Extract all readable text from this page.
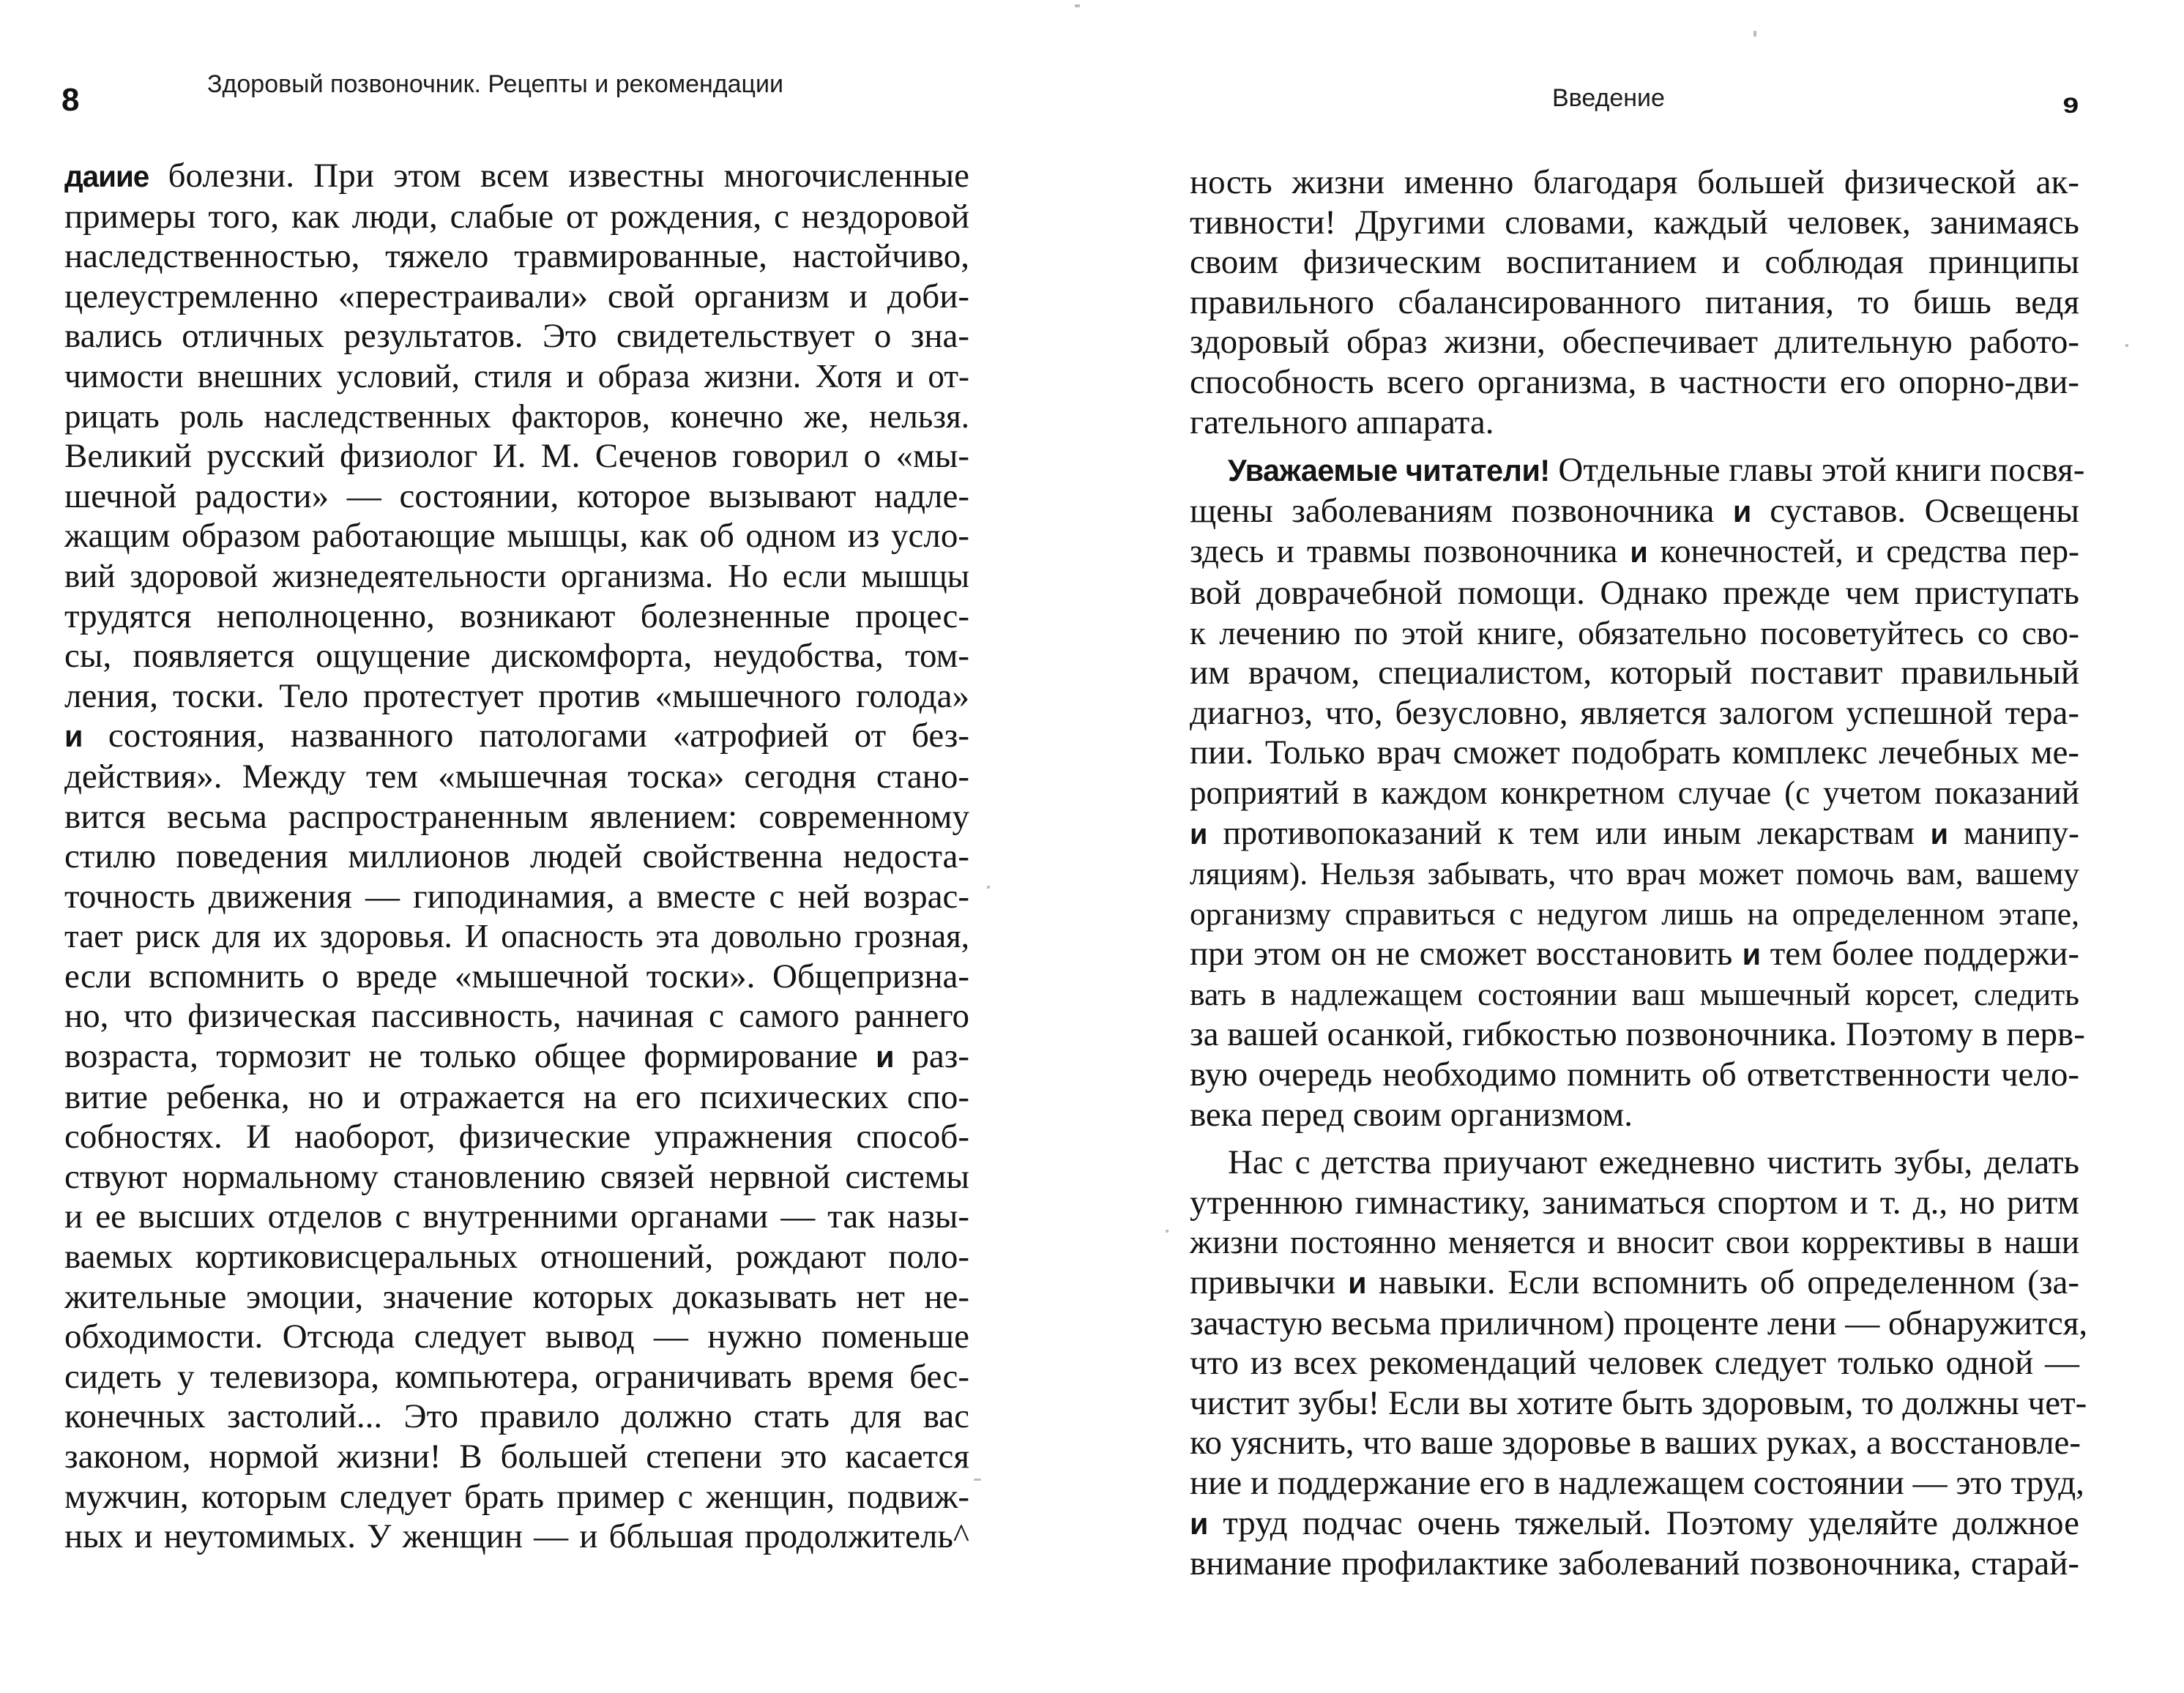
8	Здоровый позвоночник. Рецепты и рекомендации
даиие болезни. При этом всем известны многочисленные
примеры того, как люди, слабые от рождения, с нездоровой
наследственностью, тяжело травмированные, настойчиво,
целеустремленно «перестраивали» свой организм и доби-
вались отличных результатов. Это свидетельствует о зна-
чимости внешних условий, стиля и образа жизни. Хотя и от-
рицать роль наследственных факторов, конечно же, нельзя.
Великий русский физиолог И. М. Сеченов говорил о «мы-
шечной радости» — состоянии, которое вызывают надле-
жащим образом работающие мышцы, как об одном из усло-
вий здоровой жизнедеятельности организма. Но если мышцы
трудятся неполноценно, возникают болезненные процес-
сы, появляется ощущение дискомфорта, неудобства, том-
ления, тоски. Тело протестует против «мышечного голода»
и состояния, названного патологами «атрофией от без-
действия». Между тем «мышечная тоска» сегодня стано-
вится весьма распространенным явлением: современному
стилю поведения миллионов людей свойственна недоста-
точность движения — гиподинамия, а вместе с ней возрас-
тает риск для их здоровья. И опасность эта довольно грозная,
если вспомнить о вреде «мышечной тоски». Общепризна-
но, что физическая пассивность, начиная с самого раннего
возраста, тормозит не только общее формирование и раз-
витие ребенка, но и отражается на его психических спо-
собностях. И наоборот, физические упражнения способ-
ствуют нормальному становлению связей нервной системы
и ее высших отделов с внутренними органами — так назы-
ваемых кортиковисцеральных отношений, рождают поло-
жительные эмоции, значение которых доказывать нет не-
обходимости. Отсюда следует вывод — нужно поменьше
сидеть у телевизора, компьютера, ограничивать время бес-
конечных застолий... Это правило должно стать для вас
законом, нормой жизни! В большей степени это касается
мужчин, которым следует брать пример с женщин, подвиж-
ных и неутомимых. У женщин — и ббльшая продолжитель^
Введение	9
ность жизни именно благодаря большей физической ак-
тивности! Другими словами, каждый человек, занимаясь
своим физическим воспитанием и соблюдая принципы
правильного сбалансированного питания, то бишь ведя
здоровый образ жизни, обеспечивает длительную работо-
способность всего организма, в частности его опорно-дви-
гательного аппарата.
Уважаемые читатели! Отдельные главы этой книги посвя-
щены заболеваниям позвоночника и суставов. Освещены
здесь и травмы позвоночника и конечностей, и средства пер-
вой доврачебной помощи. Однако прежде чем приступать
к лечению по этой книге, обязательно посоветуйтесь со сво-
им врачом, специалистом, который поставит правильный
диагноз, что, безусловно, является залогом успешной тера-
пии. Только врач сможет подобрать комплекс лечебных ме-
роприятий в каждом конкретном случае (с учетом показаний
и противопоказаний к тем или иным лекарствам и манипу-
ляциям). Нельзя забывать, что врач может помочь вам, вашему
организму справиться с недугом лишь на определенном этапе,
при этом он не сможет восстановить и тем более поддержи-
вать в надлежащем состоянии ваш мышечный корсет, следить
за вашей осанкой, гибкостью позвоночника. Поэтому в перв-
вую очередь необходимо помнить об ответственности чело-
века перед своим организмом.
Нас с детства приучают ежедневно чистить зубы, делать
утреннюю гимнастику, заниматься спортом и т. д., но ритм
жизни постоянно меняется и вносит свои коррективы в наши
привычки и навыки. Если вспомнить об определенном (за-
зачастую весьма приличном) проценте лени — обнаружится,
что из всех рекомендаций человек следует только одной —
чистит зубы! Если вы хотите быть здоровым, то должны чет-
ко уяснить, что ваше здоровье в ваших руках, а восстановле-
ние и поддержание его в надлежащем состоянии — это труд,
и труд подчас очень тяжелый. Поэтому уделяйте должное
внимание профилактике заболеваний позвоночника, старай-
